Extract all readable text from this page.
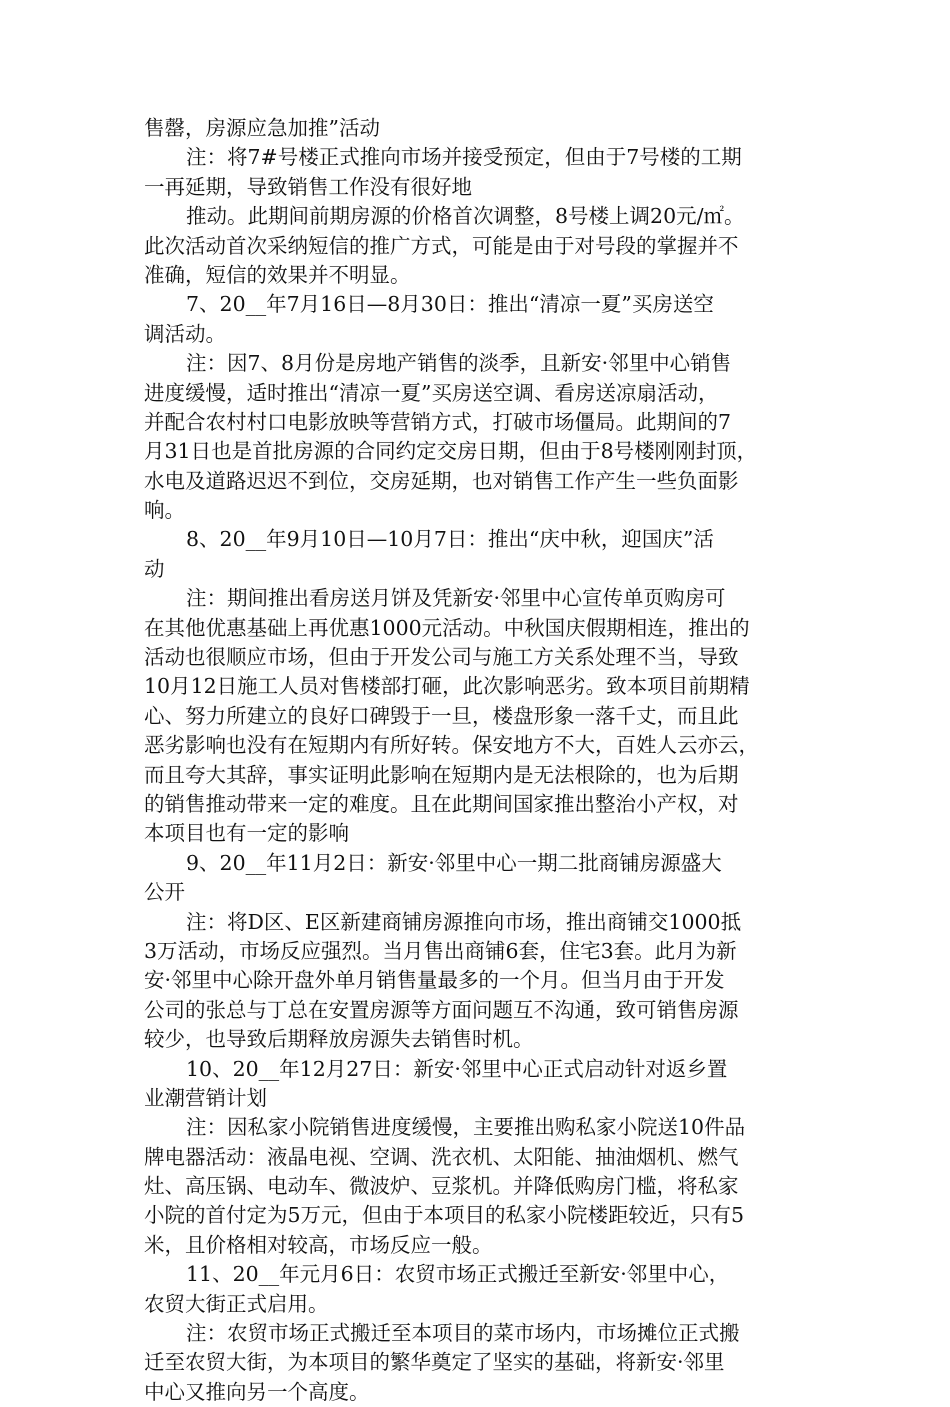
售罄，房源应急加推”活动
注：将7#号楼正式推向市场并接受预定，但由于7号楼的工期
一再延期，导致销售工作没有很好地
推动。此期间前期房源的价格首次调整，8号楼上调20元/㎡。
此次活动首次采纳短信的推广方式，可能是由于对号段的掌握并不
准确，短信的效果并不明显。
7、20__年7月16日—8月30日：推出“清凉一夏”买房送空
调活动。
注：因7、8月份是房地产销售的淡季，且新安·邻里中心销售
进度缓慢，适时推出“清凉一夏”买房送空调、看房送凉扇活动，
并配合农村村口电影放映等营销方式，打破市场僵局。此期间的7
月31日也是首批房源的合同约定交房日期，但由于8号楼刚刚封顶，
水电及道路迟迟不到位，交房延期，也对销售工作产生一些负面影
响。
8、20__年9月10日—10月7日：推出“庆中秋，迎国庆”活
动
注：期间推出看房送月饼及凭新安·邻里中心宣传单页购房可
在其他优惠基础上再优惠1000元活动。中秋国庆假期相连，推出的
活动也很顺应市场，但由于开发公司与施工方关系处理不当，导致
10月12日施工人员对售楼部打砸，此次影响恶劣。致本项目前期精
心、努力所建立的良好口碑毁于一旦，楼盘形象一落千丈，而且此
恶劣影响也没有在短期内有所好转。保安地方不大，百姓人云亦云，
而且夸大其辞，事实证明此影响在短期内是无法根除的，也为后期
的销售推动带来一定的难度。且在此期间国家推出整治小产权，对
本项目也有一定的影响
9、20__年11月2日：新安·邻里中心一期二批商铺房源盛大
公开
注：将D区、E区新建商铺房源推向市场，推出商铺交1000抵
3万活动，市场反应强烈。当月售出商铺6套，住宅3套。此月为新
安·邻里中心除开盘外单月销售量最多的一个月。但当月由于开发
公司的张总与丁总在安置房源等方面问题互不沟通，致可销售房源
较少，也导致后期释放房源失去销售时机。
10、20__年12月27日：新安·邻里中心正式启动针对返乡置
业潮营销计划
注：因私家小院销售进度缓慢，主要推出购私家小院送10件品
牌电器活动：液晶电视、空调、洗衣机、太阳能、抽油烟机、燃气
灶、高压锅、电动车、微波炉、豆浆机。并降低购房门槛，将私家
小院的首付定为5万元，但由于本项目的私家小院楼距较近，只有5
米，且价格相对较高，市场反应一般。
11、20__年元月6日：农贸市场正式搬迁至新安·邻里中心，
农贸大街正式启用。
注：农贸市场正式搬迁至本项目的菜市场内，市场摊位正式搬
迁至农贸大街，为本项目的繁华奠定了坚实的基础，将新安·邻里
中心又推向另一个高度。
